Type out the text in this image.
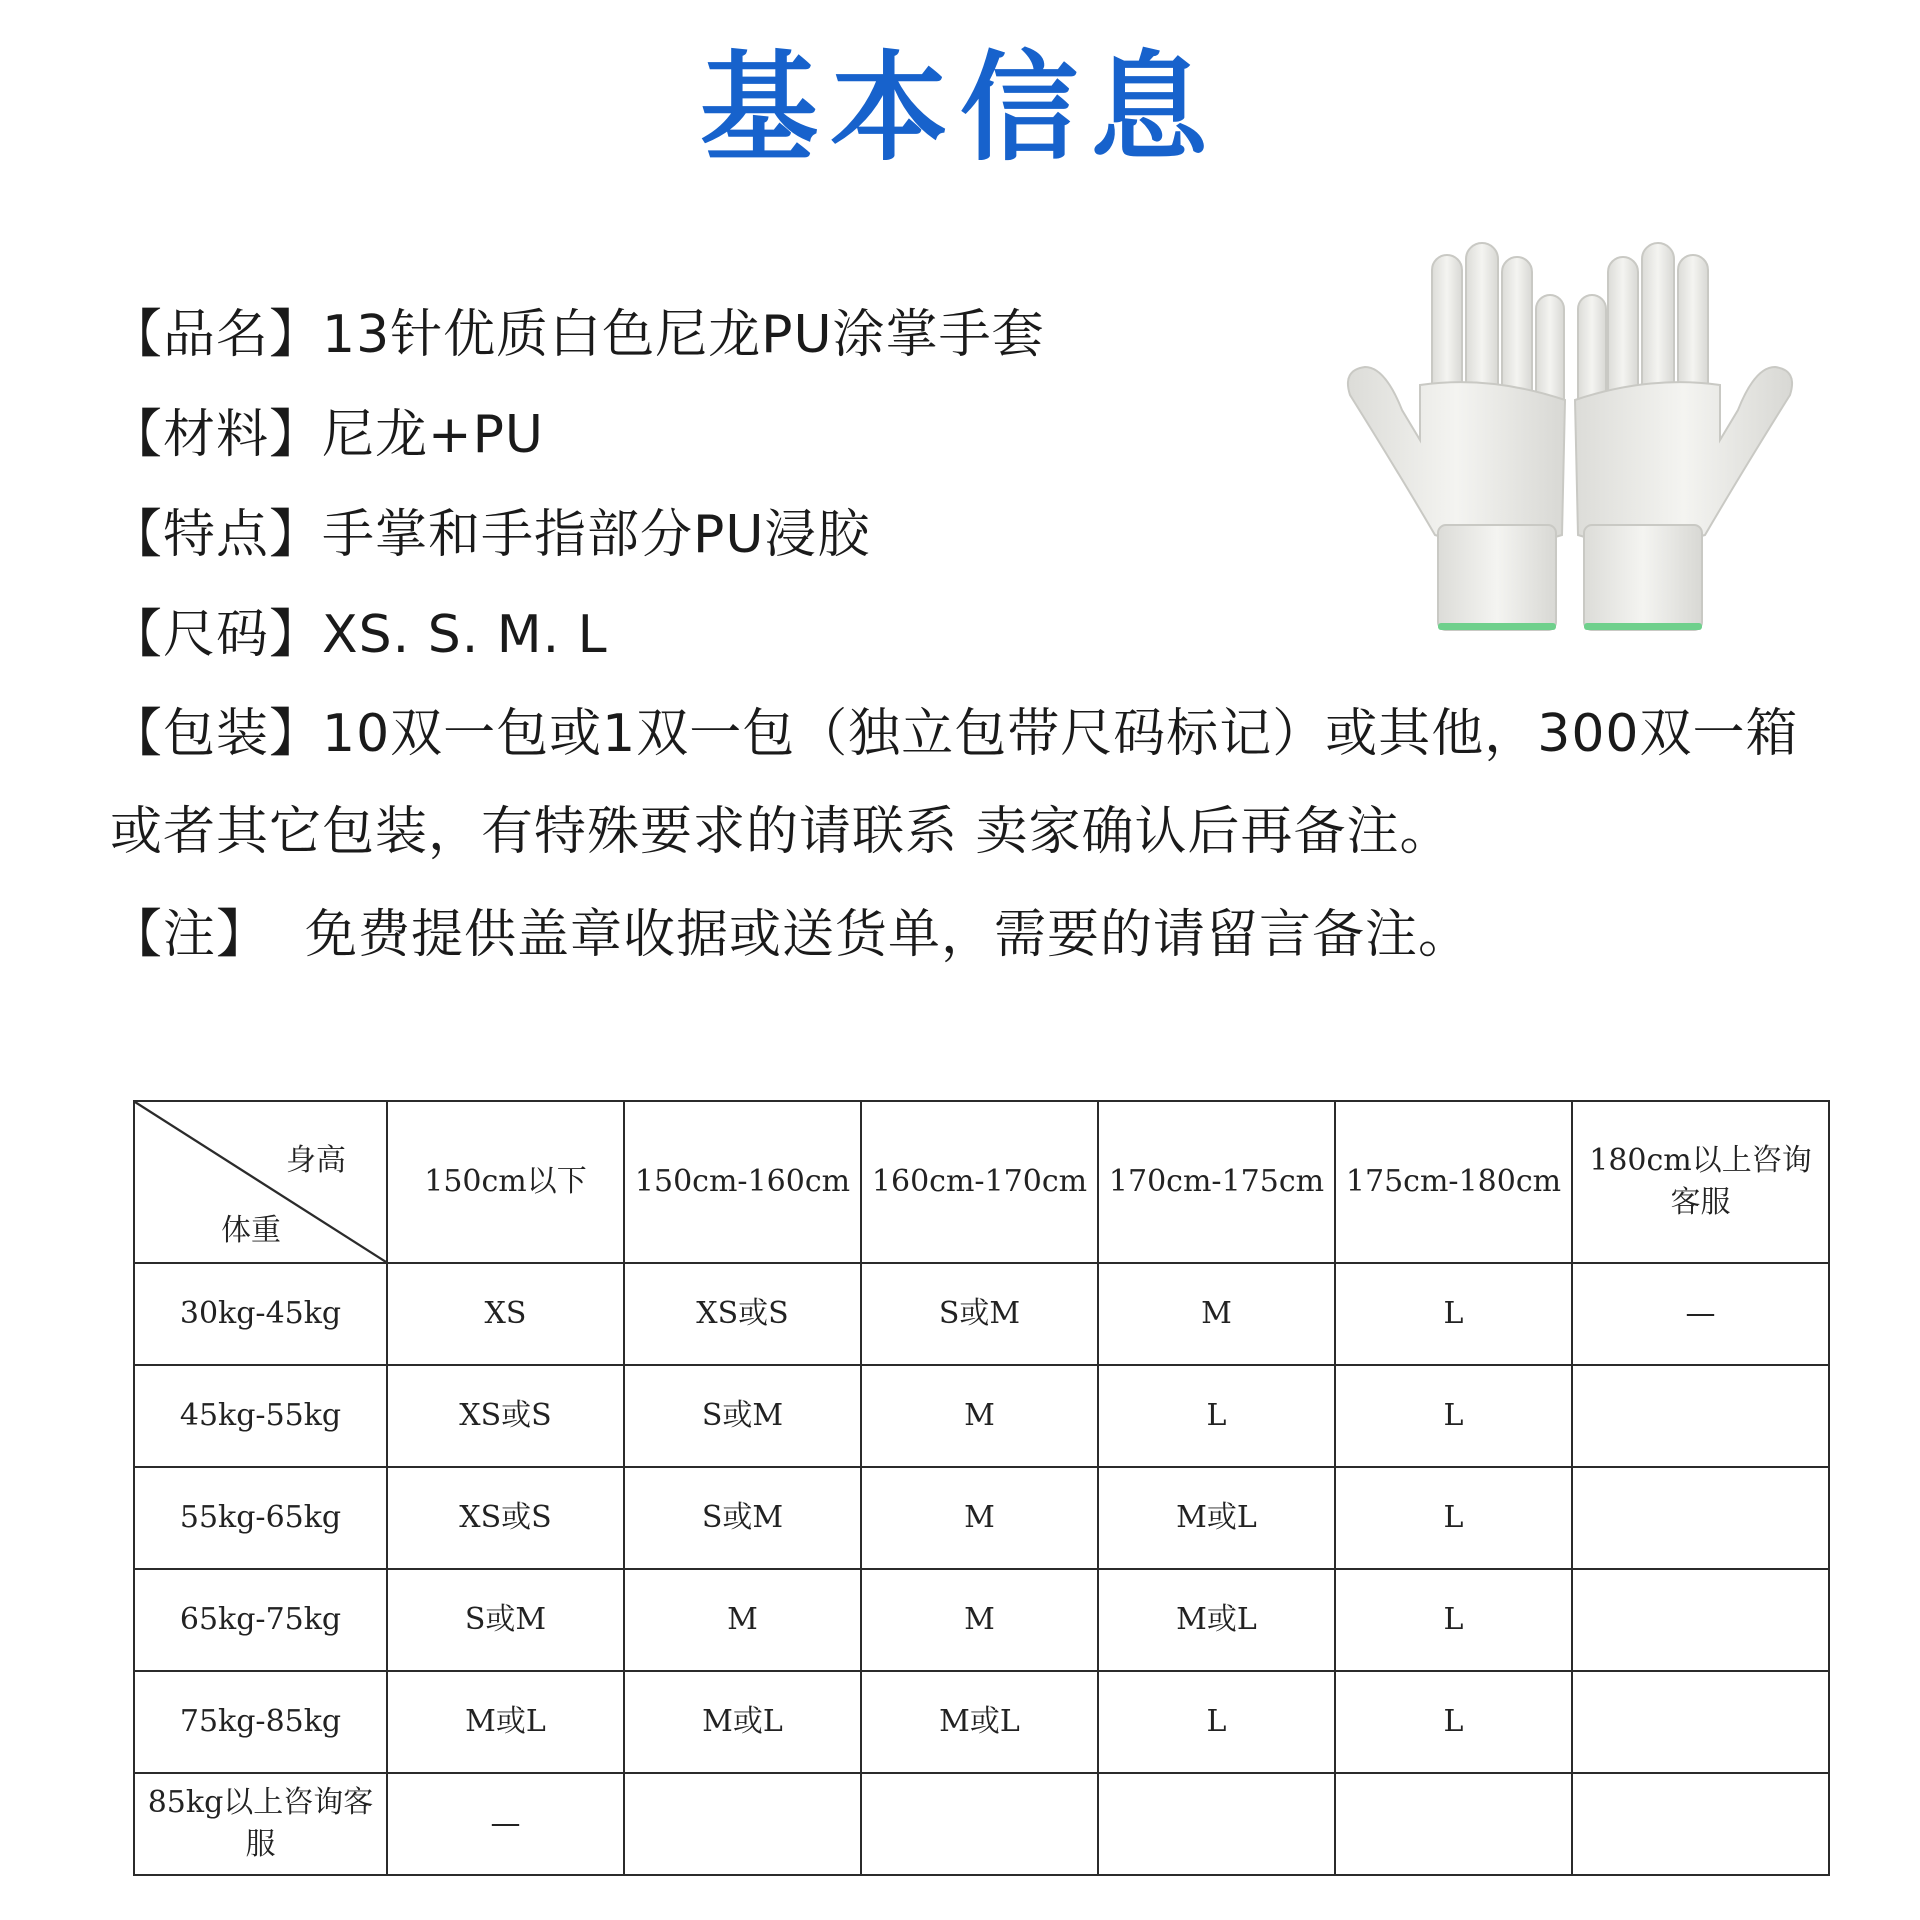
基本信息
【品名】13针优质白色尼龙PU涂掌手套
【材料】尼龙+PU
【特点】手掌和手指部分PU浸胶
【尺码】XS. S. M. L
【包装】10双一包或1双一包（独立包带尺码标记）或其他，300双一箱或者其它包装，有特殊要求的请联系 卖家确认后再备注。
【注】 免费提供盖章收据或送货单，需要的请留言备注。
身高
体重	150cm以下	150cm-160cm	160cm-170cm	170cm-175cm	175cm-180cm	180cm以上咨询客服
30kg-45kg	XS	XS或S	S或M	M	L	—
45kg-55kg	XS或S	S或M	M	L	L	
55kg-65kg	XS或S	S或M	M	M或L	L	
65kg-75kg	S或M	M	M	M或L	L	
75kg-85kg	M或L	M或L	M或L	L	L	
85kg以上咨询客服	—					
